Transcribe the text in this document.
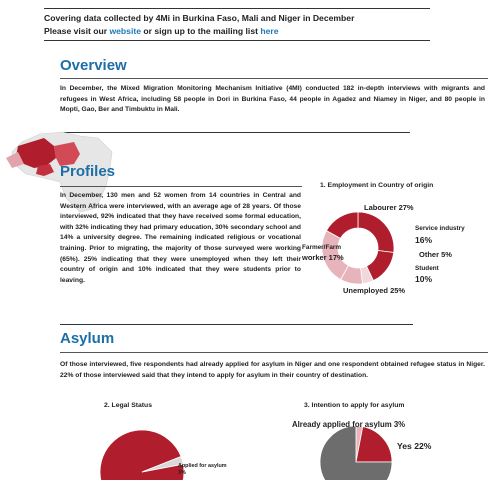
Covering data collected by 4Mi in Burkina Faso, Mali and Niger in December
Please visit our website or sign up to the mailing list here
Overview
In December, the Mixed Migration Monitoring Mechanism Initiative (4MI) conducted 182 in-depth interviews with migrants and refugees in West Africa, including 58 people in Dori in Burkina Faso, 44 people in Agadez and Niamey in Niger, and 80 people in Mopti, Gao, Ber and Timbuktu in Mali.
Profiles
In December, 130 men and 52 women from 14 countries in Central and Western Africa were interviewed, with an average age of 28 years. Of those interviewed, 92% indicated that they have received some formal education, with 32% indicating they had primary education, 30% secondary school and 14% a university degree. The remaining indicated religious or vocational training. Prior to migrating, the majority of those surveyed were working (65%). 25% indicating that they were unemployed when they left their country of origin and 10% indicated that they were students prior to leaving.
1. Employment in Country of origin
Labourer 27%
Service industry
16%
Other 5%
Student
10%
Unemployed 25%
Farmer/Farm
worker 17%
Asylum
Of those interviewed, five respondents had already applied for asylum in Niger and one respondent obtained refugee status in Niger. 22% of those interviewed said that they intend to apply for asylum in their country of destination.
2. Legal Status
Applied for asylum
3%
3. Intention to apply for asylum
Already applied for asylum 3%
Yes 22%
